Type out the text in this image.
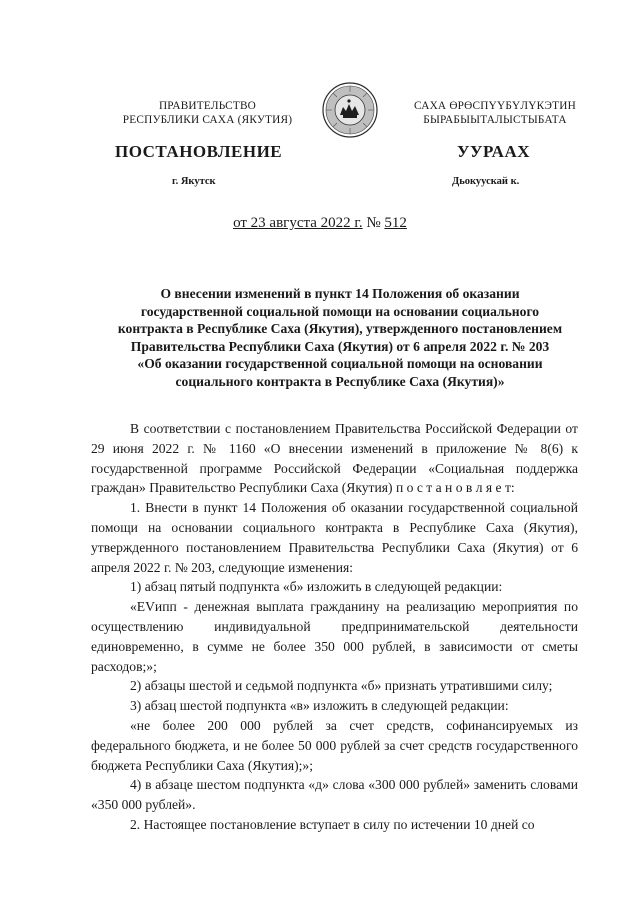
ПРАВИТЕЛЬСТВО
РЕСПУБЛИКИ САХА (ЯКУТИЯ)
САХА ӨРӨСПҮҮБҮЛҮКЭТИН
БЫРАБЫЫТАЛЫСТЫБАТА
ПОСТАНОВЛЕНИЕ	УУРААХ
г. Якутск	Дьокуускай к.
от 23 августа 2022 г. № 512
О внесении изменений в пункт 14 Положения об оказании
государственной социальной помощи на основании социального
контракта в Республике Саха (Якутия), утвержденного постановлением
Правительства Республики Саха (Якутия) от 6 апреля 2022 г. № 203
«Об оказании государственной социальной помощи на основании
социального контракта в Республике Саха (Якутия)»

В соответствии с постановлением Правительства Российской Федерации от 29 июня 2022 г. № 1160 «О внесении изменений в приложение № 8(6) к государственной программе Российской Федерации «Социальная поддержка граждан» Правительство Республики Саха (Якутия) п о с т а н о в л я е т:

1. Внести в пункт 14 Положения об оказании государственной социальной помощи на основании социального контракта в Республике Саха (Якутия), утвержденного постановлением Правительства Республики Саха (Якутия) от 6 апреля 2022 г. № 203, следующие изменения:

1) абзац пятый подпункта «б» изложить в следующей редакции:

«EVипп - денежная выплата гражданину на реализацию мероприятия по осуществлению индивидуальной предпринимательской деятельности единовременно, в сумме не более 350 000 рублей, в зависимости от сметы расходов;»;

2) абзацы шестой и седьмой подпункта «б» признать утратившими силу;

3) абзац шестой подпункта «в» изложить в следующей редакции:

«не более 200 000 рублей за счет средств, софинансируемых из федерального бюджета, и не более 50 000 рублей за счет средств государственного бюджета Республики Саха (Якутия);»;

4) в абзаце шестом подпункта «д» слова «300 000 рублей» заменить словами «350 000 рублей».

2. Настоящее постановление вступает в силу по истечении 10 дней со
